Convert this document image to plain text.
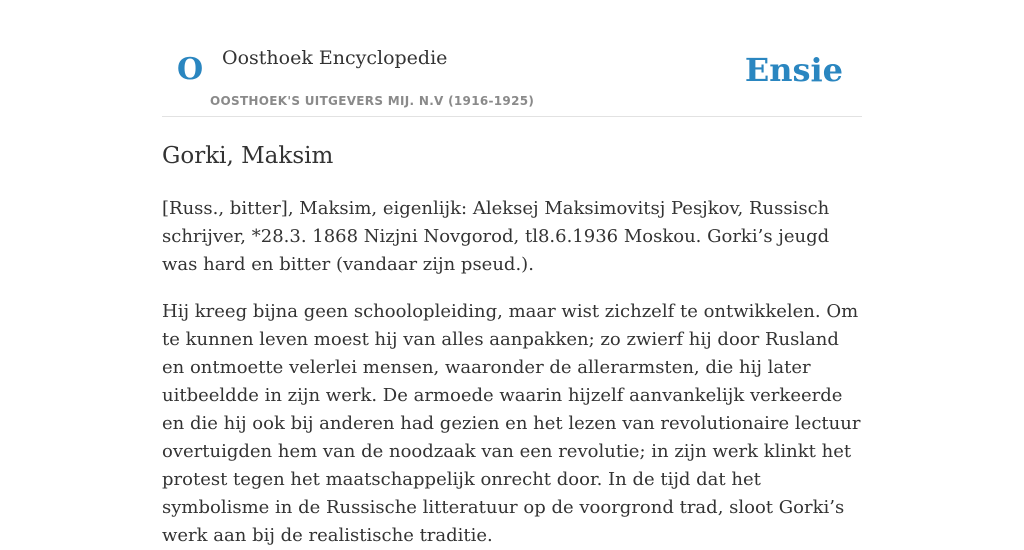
O Oosthoek Encyclopedie
OOSTHOEK'S UITGEVERS MIJ. N.V (1916-1925)
Ensie
Gorki, Maksim

[Russ., bitter], Maksim, eigenlijk: Aleksej Maksimovitsj Pesjkov, Russisch schrijver, *28.3. 1868 Nizjni Novgorod, tl8.6.1936 Moskou. Gorki’s jeugd was hard en bitter (vandaar zijn pseud.).

Hij kreeg bijna geen schoolopleiding, maar wist zichzelf te ontwikkelen. Om te kunnen leven moest hij van alles aanpakken; zo zwierf hij door Rusland en ontmoette velerlei mensen, waaronder de allerarmsten, die hij later uitbeeldde in zijn werk. De armoede waarin hijzelf aanvankelijk verkeerde en die hij ook bij anderen had gezien en het lezen van revolutionaire lectuur overtuigden hem van de noodzaak van een revolutie; in zijn werk klinkt het protest tegen het maatschappelijk onrecht door. In de tijd dat het symbolisme in de Russische litteratuur op de voorgrond trad, sloot Gorki’s werk aan bij de realistische traditie.
